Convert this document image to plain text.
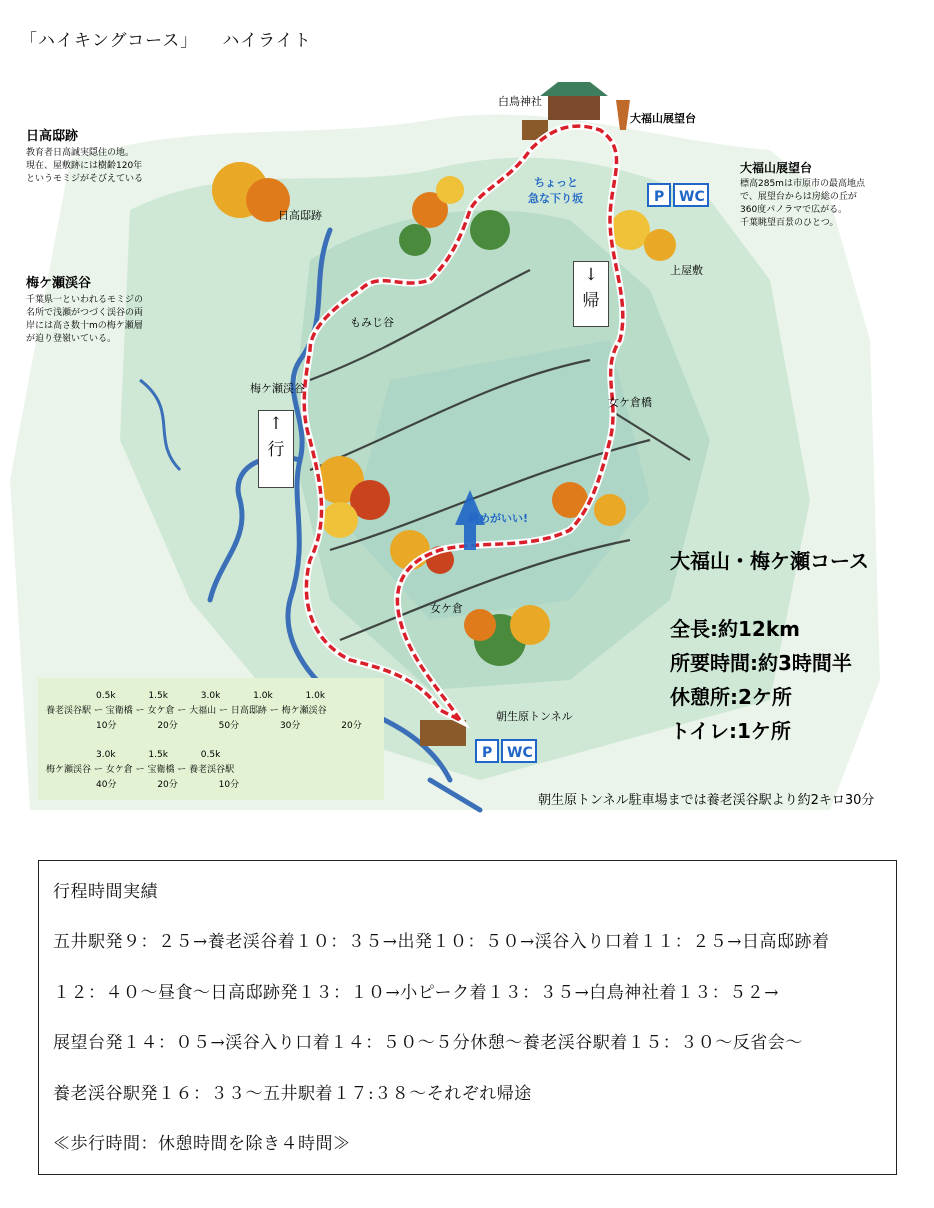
「ハイキングコース」 ハイライト
白鳥神社
大福山展望台
日高邸跡
教育者日高誠実隠住の地。
現在、屋敷跡には樹齢120年
というモミジがそびえている
日高邸跡
梅ケ瀬渓谷
千葉県一といわれるモミジの
名所で浅瀬がつづく渓谷の両
岸には高さ数十mの梅ケ瀬層
が迫り登嶺いている。
梅ケ瀬渓谷
もみじ谷
大福山展望台
標高285mは市原市の最高地点
で、展望台からは房総の丘が
360度パノラマで広がる。
千葉眺望百景のひとつ。
上屋敷
女ケ倉橋
女ケ倉
朝生原トンネル
ちょっと
急な下り坂
眺めがいい!
P WC
P WC
大福山・梅ケ瀬コース
全長:約12km
所要時間:約3時間半
休憩所:2ケ所
トイレ:1ケ所
0.5k 1.5k 3.0k 1.0k 1.0k
養老渓谷駅 ー 宝衛橋 ー 女ケ倉 ー 大福山 ー 日高邸跡 ー 梅ケ瀬渓谷
10分 20分 50分 30分 20分
3.0k 1.5k 0.5k
梅ケ瀬渓谷 ー 女ケ倉 ー 宝衛橋 ー 養老渓谷駅
40分 20分 10分
朝生原トンネル駐車場までは養老渓谷駅より約2キロ30分
↑
行
↓
帰
行程時間実績
五井駅発９：２５→養老渓谷着１０：３５→出発１０：５０→渓谷入り口着１１：２５→日高邸跡着
１２：４０～昼食～日高邸跡発１３：１０→小ピーク着１３：３５→白鳥神社着１３：５２→
展望台発１４：０５→渓谷入り口着１４：５０～５分休憩～養老渓谷駅着１５：３０～反省会～
養老渓谷駅発１６：３３～五井駅着１７:３８～それぞれ帰途
≪歩行時間：休憩時間を除き４時間≫
